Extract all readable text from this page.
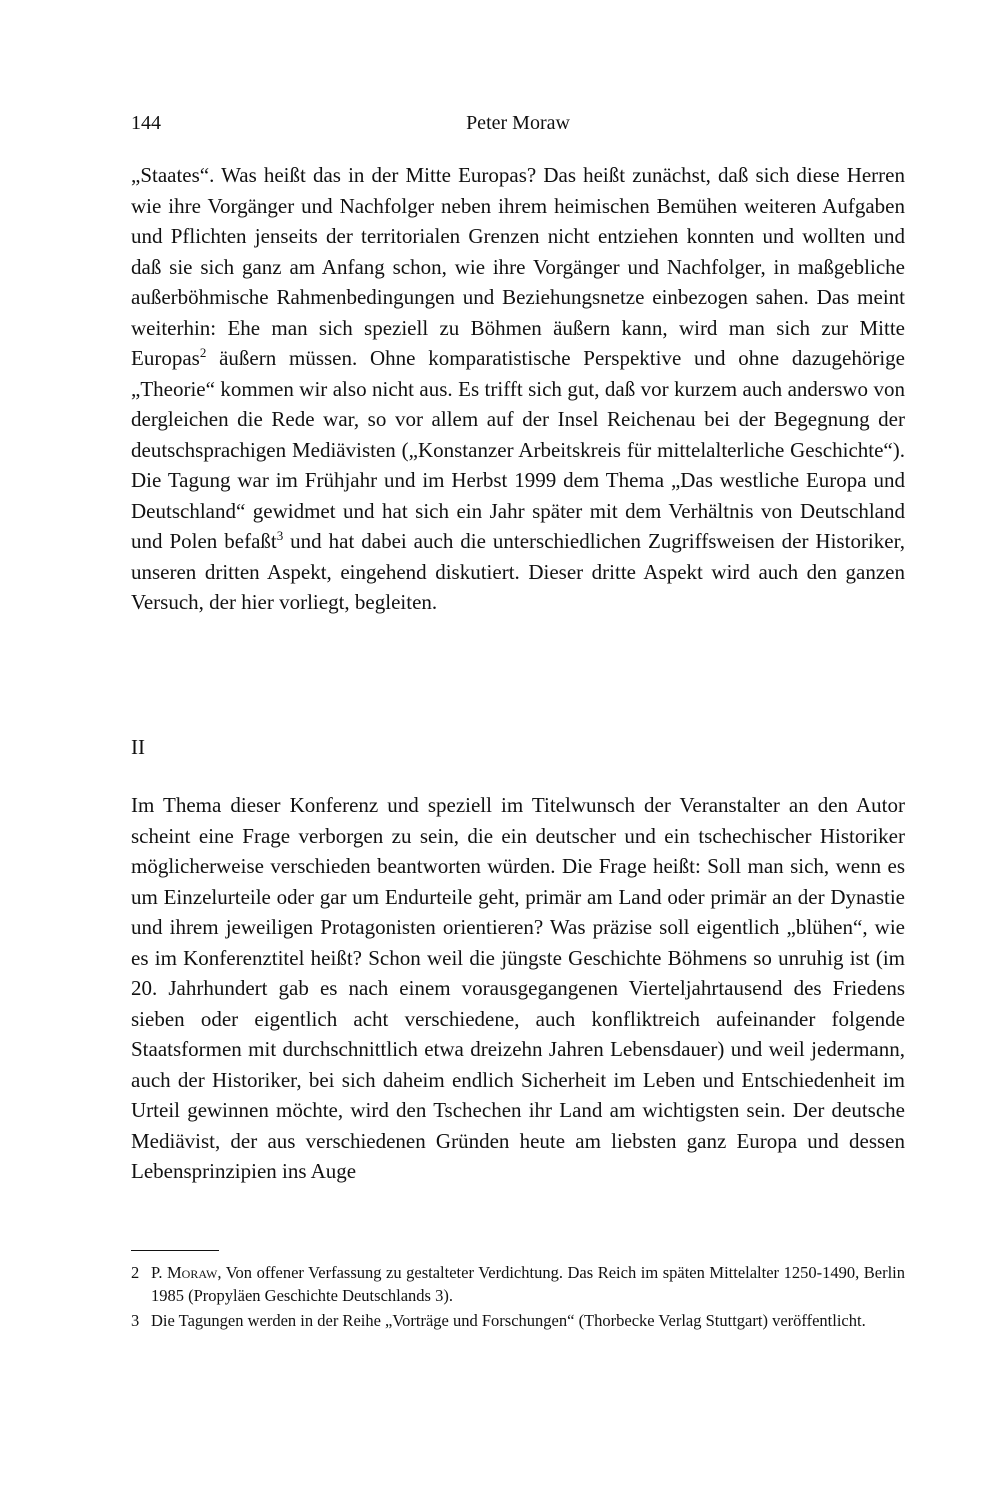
144	Peter Moraw

„Staates“. Was heißt das in der Mitte Europas? Das heißt zunächst, daß sich diese Herren wie ihre Vorgänger und Nachfolger neben ihrem heimischen Bemühen weiteren Aufgaben und Pflichten jenseits der territorialen Grenzen nicht entziehen konnten und wollten und daß sie sich ganz am Anfang schon, wie ihre Vorgänger und Nachfolger, in maßgebliche außerböhmische Rahmenbedingungen und Beziehungsnetze einbezogen sahen. Das meint weiterhin: Ehe man sich speziell zu Böhmen äußern kann, wird man sich zur Mitte Europas$^2$ äußern müssen. Ohne komparatistische Perspektive und ohne dazugehörige „Theorie“ kommen wir also nicht aus. Es trifft sich gut, daß vor kurzem auch anderswo von dergleichen die Rede war, so vor allem auf der Insel Reichenau bei der Begegnung der deutschsprachigen Mediävisten („Konstanzer Arbeitskreis für mittelalterliche Geschichte“). Die Tagung war im Frühjahr und im Herbst 1999 dem Thema „Das westliche Europa und Deutschland“ gewidmet und hat sich ein Jahr später mit dem Verhältnis von Deutschland und Polen befaßt$^3$ und hat dabei auch die unterschiedlichen Zugriffsweisen der Historiker, unseren dritten Aspekt, eingehend diskutiert. Dieser dritte Aspekt wird auch den ganzen Versuch, der hier vorliegt, begleiten.

II

Im Thema dieser Konferenz und speziell im Titelwunsch der Veranstalter an den Autor scheint eine Frage verborgen zu sein, die ein deutscher und ein tschechischer Historiker möglicherweise verschieden beantworten würden. Die Frage heißt: Soll man sich, wenn es um Einzelurteile oder gar um Endurteile geht, primär am Land oder primär an der Dynastie und ihrem jeweiligen Protagonisten orientieren? Was präzise soll eigentlich „blühen“, wie es im Konferenztitel heißt? Schon weil die jüngste Geschichte Böhmens so unruhig ist (im 20. Jahrhundert gab es nach einem vorausgegangenen Vierteljahrtausend des Friedens sieben oder eigentlich acht verschiedene, auch konfliktreich aufeinander folgende Staatsformen mit durchschnittlich etwa dreizehn Jahren Lebensdauer) und weil jedermann, auch der Historiker, bei sich daheim endlich Sicherheit im Leben und Entschiedenheit im Urteil gewinnen möchte, wird den Tschechen ihr Land am wichtigsten sein. Der deutsche Mediävist, der aus verschiedenen Gründen heute am liebsten ganz Europa und dessen Lebensprinzipien ins Auge

2 P. Moraw, Von offener Verfassung zu gestalteter Verdichtung. Das Reich im späten Mittelalter 1250-1490, Berlin 1985 (Propyläen Geschichte Deutschlands 3).

3 Die Tagungen werden in der Reihe „Vorträge und Forschungen“ (Thorbecke Verlag Stuttgart) veröffentlicht.
